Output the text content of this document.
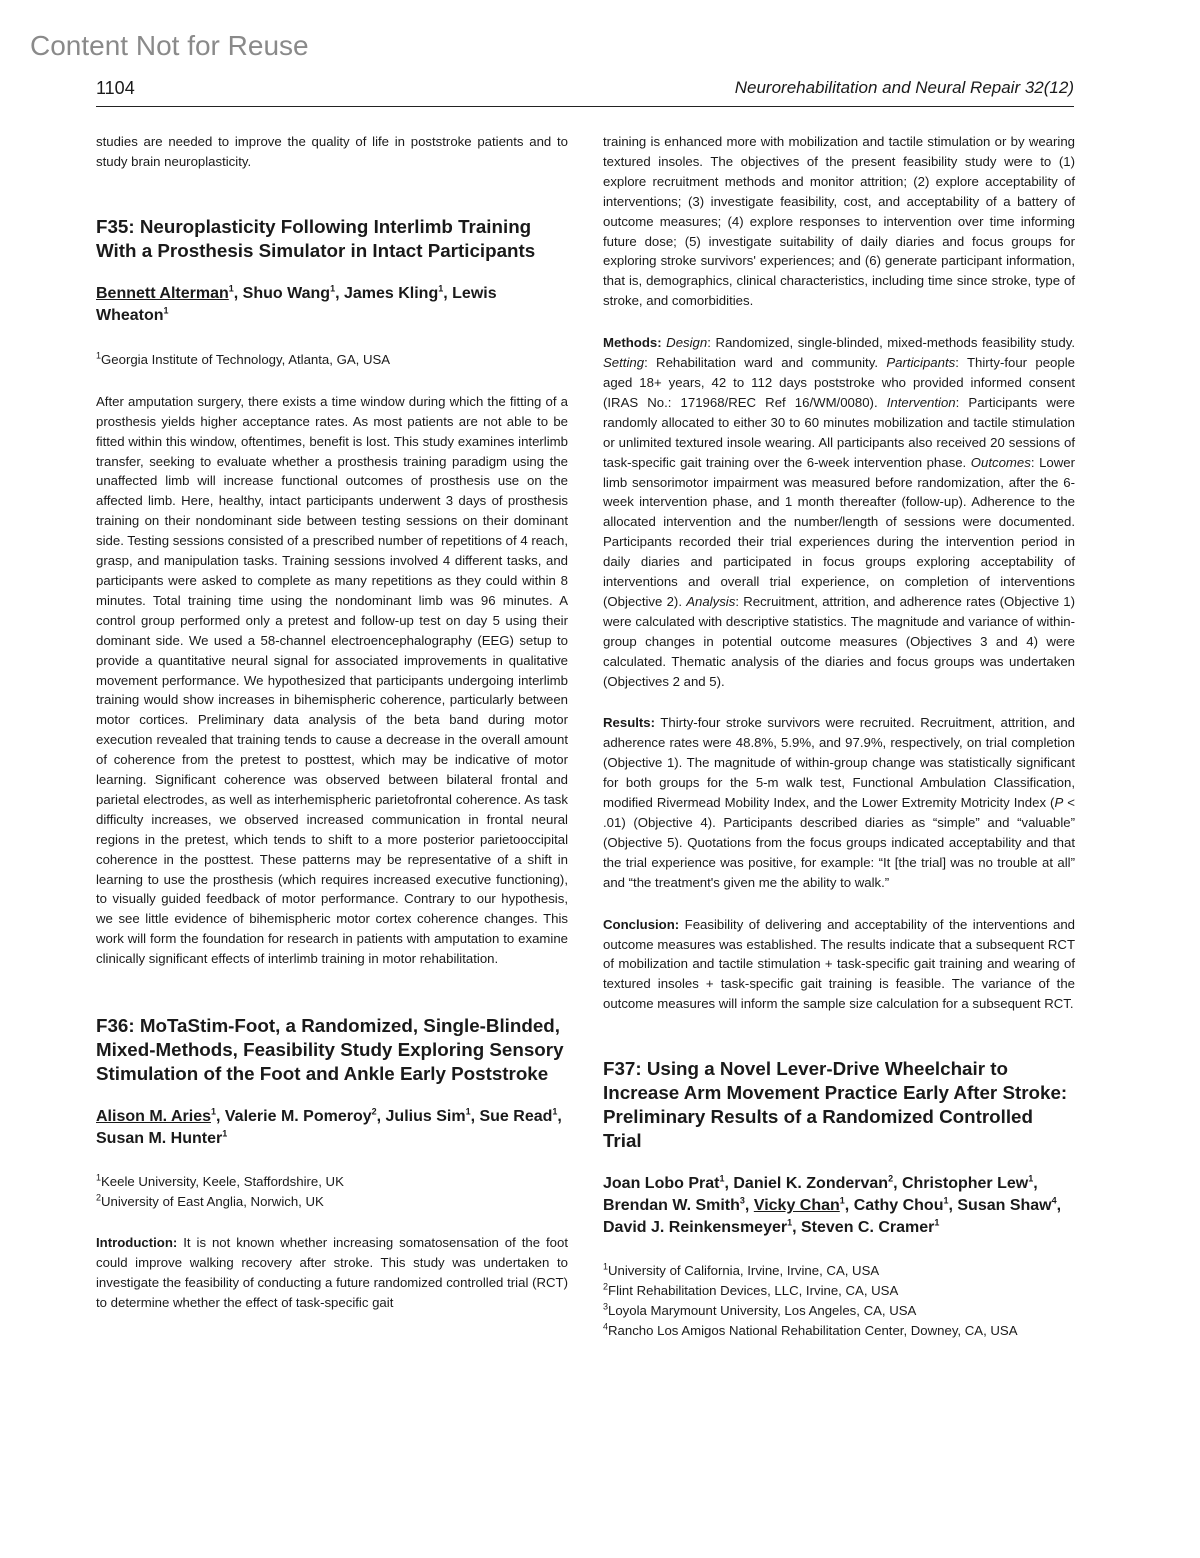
Content Not for Reuse
1104	Neurorehabilitation and Neural Repair 32(12)

studies are needed to improve the quality of life in poststroke patients and to study brain neuroplasticity.

F35: Neuroplasticity Following Interlimb Training With a Prosthesis Simulator in Intact Participants

Bennett Alterman$^1$, Shuo Wang$^1$, James Kling$^1$, Lewis Wheaton$^1$

$^1$Georgia Institute of Technology, Atlanta, GA, USA

After amputation surgery, there exists a time window during which the fitting of a prosthesis yields higher acceptance rates. As most patients are not able to be fitted within this window, oftentimes, benefit is lost. This study examines interlimb transfer, seeking to evaluate whether a prosthesis training paradigm using the unaffected limb will increase functional outcomes of prosthesis use on the affected limb. Here, healthy, intact participants underwent 3 days of prosthesis training on their nondominant side between testing sessions on their dominant side. Testing sessions consisted of a prescribed number of repetitions of 4 reach, grasp, and manipulation tasks. Training sessions involved 4 different tasks, and participants were asked to complete as many repetitions as they could within 8 minutes. Total training time using the nondominant limb was 96 minutes. A control group performed only a pretest and follow-up test on day 5 using their dominant side. We used a 58-channel electroencephalography (EEG) setup to provide a quantitative neural signal for associated improvements in qualitative movement performance. We hypothesized that participants undergoing interlimb training would show increases in bihemispheric coherence, particularly between motor cortices. Preliminary data analysis of the beta band during motor execution revealed that training tends to cause a decrease in the overall amount of coherence from the pretest to posttest, which may be indicative of motor learning. Significant coherence was observed between bilateral frontal and parietal electrodes, as well as interhemispheric parietofrontal coherence. As task difficulty increases, we observed increased communication in frontal neural regions in the pretest, which tends to shift to a more posterior parietooccipital coherence in the posttest. These patterns may be representative of a shift in learning to use the prosthesis (which requires increased executive functioning), to visually guided feedback of motor performance. Contrary to our hypothesis, we see little evidence of bihemispheric motor cortex coherence changes. This work will form the foundation for research in patients with amputation to examine clinically significant effects of interlimb training in motor rehabilitation.

F36: MoTaStim-Foot, a Randomized, Single-Blinded, Mixed-Methods, Feasibility Study Exploring Sensory Stimulation of the Foot and Ankle Early Poststroke

Alison M. Aries$^1$, Valerie M. Pomeroy$^2$, Julius Sim$^1$, Sue Read$^1$, Susan M. Hunter$^1$

$^1$Keele University, Keele, Staffordshire, UK

$^2$University of East Anglia, Norwich, UK

Introduction: It is not known whether increasing somatosensation of the foot could improve walking recovery after stroke. This study was undertaken to investigate the feasibility of conducting a future randomized controlled trial (RCT) to determine whether the effect of task-specific gait

training is enhanced more with mobilization and tactile stimulation or by wearing textured insoles. The objectives of the present feasibility study were to (1) explore recruitment methods and monitor attrition; (2) explore acceptability of interventions; (3) investigate feasibility, cost, and acceptability of a battery of outcome measures; (4) explore responses to intervention over time informing future dose; (5) investigate suitability of daily diaries and focus groups for exploring stroke survivors' experiences; and (6) generate participant information, that is, demographics, clinical characteristics, including time since stroke, type of stroke, and comorbidities.

Methods: Design: Randomized, single-blinded, mixed-methods feasibility study. Setting: Rehabilitation ward and community. Participants: Thirty-four people aged 18+ years, 42 to 112 days poststroke who provided informed consent (IRAS No.: 171968/REC Ref 16/WM/0080). Intervention: Participants were randomly allocated to either 30 to 60 minutes mobilization and tactile stimulation or unlimited textured insole wearing. All participants also received 20 sessions of task-specific gait training over the 6-week intervention phase. Outcomes: Lower limb sensorimotor impairment was measured before randomization, after the 6-week intervention phase, and 1 month thereafter (follow-up). Adherence to the allocated intervention and the number/length of sessions were documented. Participants recorded their trial experiences during the intervention period in daily diaries and participated in focus groups exploring acceptability of interventions and overall trial experience, on completion of interventions (Objective 2). Analysis: Recruitment, attrition, and adherence rates (Objective 1) were calculated with descriptive statistics. The magnitude and variance of within-group changes in potential outcome measures (Objectives 3 and 4) were calculated. Thematic analysis of the diaries and focus groups was undertaken (Objectives 2 and 5).

Results: Thirty-four stroke survivors were recruited. Recruitment, attrition, and adherence rates were 48.8%, 5.9%, and 97.9%, respectively, on trial completion (Objective 1). The magnitude of within-group change was statistically significant for both groups for the 5-m walk test, Functional Ambulation Classification, modified Rivermead Mobility Index, and the Lower Extremity Motricity Index (P < .01) (Objective 4). Participants described diaries as “simple” and “valuable” (Objective 5). Quotations from the focus groups indicated acceptability and that the trial experience was positive, for example: “It [the trial] was no trouble at all” and “the treatment's given me the ability to walk.”

Conclusion: Feasibility of delivering and acceptability of the interventions and outcome measures was established. The results indicate that a subsequent RCT of mobilization and tactile stimulation + task-specific gait training and wearing of textured insoles + task-specific gait training is feasible. The variance of the outcome measures will inform the sample size calculation for a subsequent RCT.

F37: Using a Novel Lever-Drive Wheelchair to Increase Arm Movement Practice Early After Stroke: Preliminary Results of a Randomized Controlled Trial

Joan Lobo Prat$^1$, Daniel K. Zondervan$^2$, Christopher Lew$^1$, Brendan W. Smith$^3$, Vicky Chan$^1$, Cathy Chou$^1$, Susan Shaw$^4$, David J. Reinkensmeyer$^1$, Steven C. Cramer$^1$

$^1$University of California, Irvine, Irvine, CA, USA

$^2$Flint Rehabilitation Devices, LLC, Irvine, CA, USA

$^3$Loyola Marymount University, Los Angeles, CA, USA

$^4$Rancho Los Amigos National Rehabilitation Center, Downey, CA, USA
